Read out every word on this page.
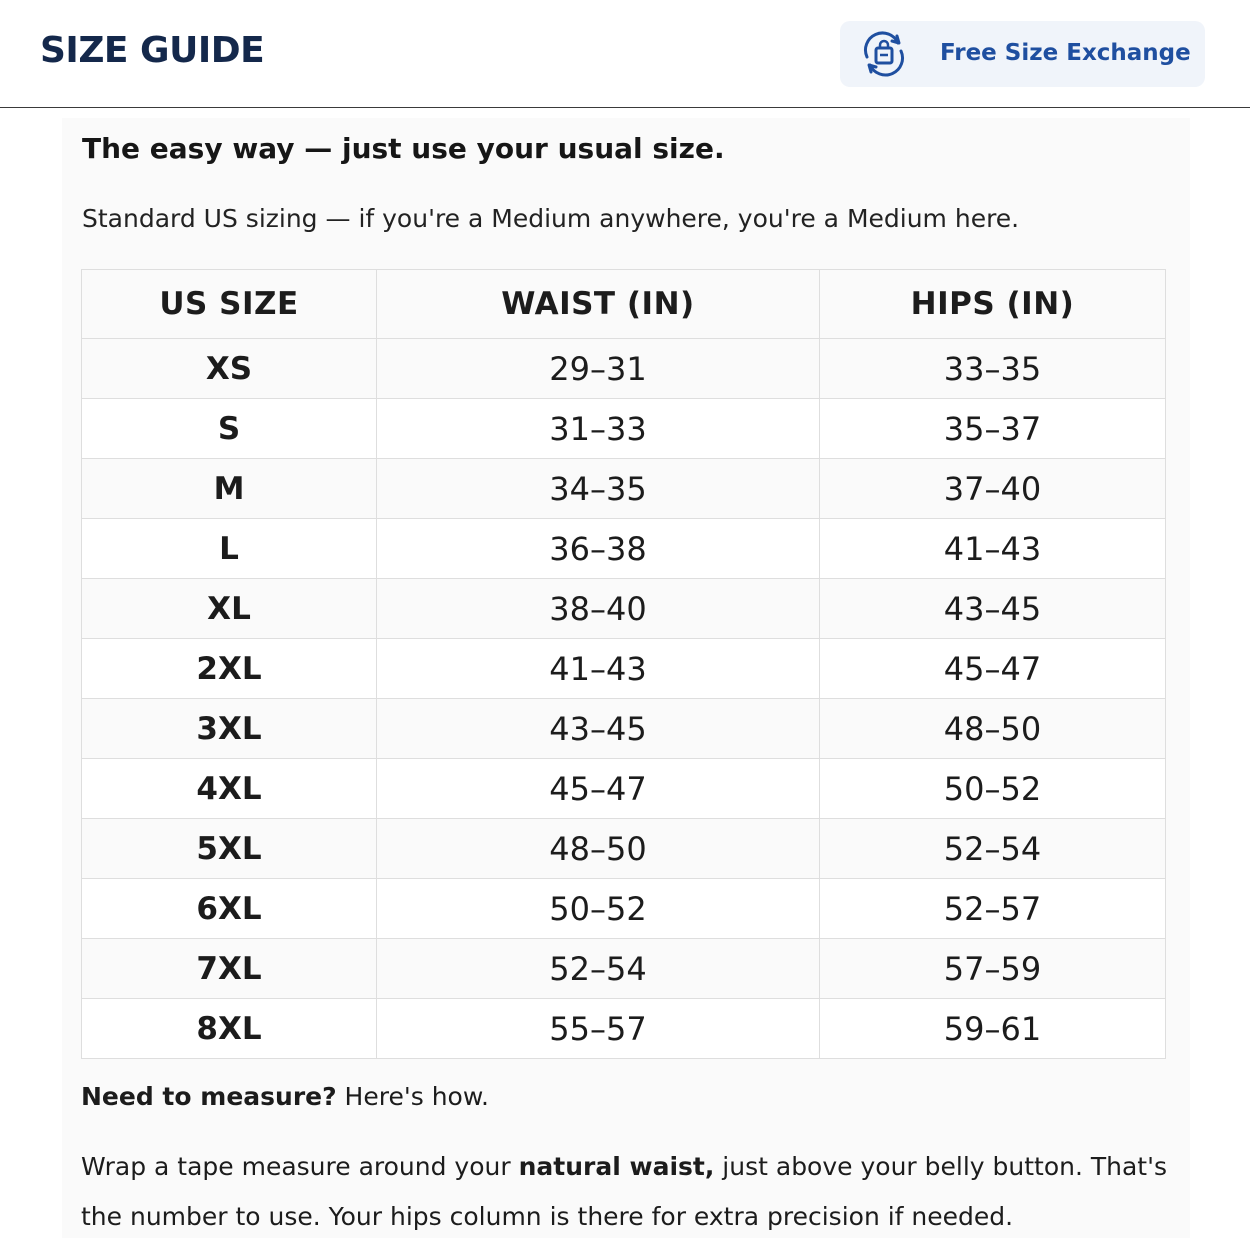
SIZE GUIDE	Free Size Exchange
The easy way — just use your usual size.
Standard US sizing — if you're a Medium anywhere, you're a Medium here.
US SIZE	WAIST (IN)	HIPS (IN)
XS	29–31	33–35
S	31–33	35–37
M	34–35	37–40
L	36–38	41–43
XL	38–40	43–45
2XL	41–43	45–47
3XL	43–45	48–50
4XL	45–47	50–52
5XL	48–50	52–54
6XL	50–52	52–57
7XL	52–54	57–59
8XL	55–57	59–61
Need to measure? Here's how.
Wrap a tape measure around your natural waist, just above your belly button. That's the number to use. Your hips column is there for extra precision if needed.
